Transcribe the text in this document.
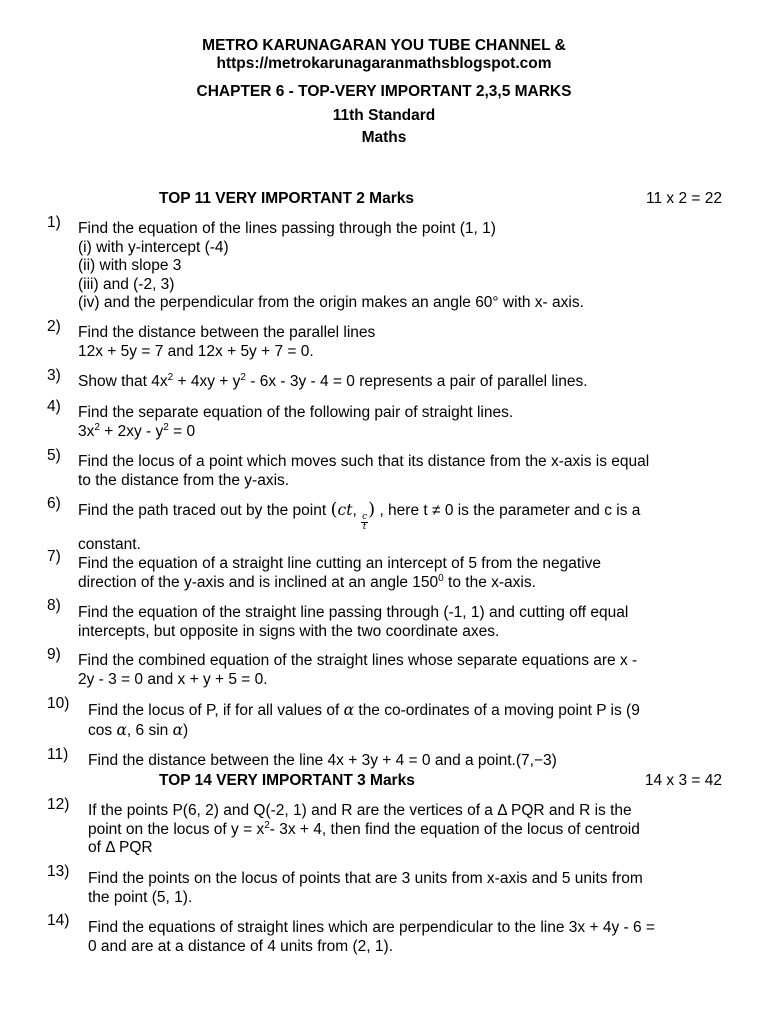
METRO KARUNAGARAN YOU TUBE CHANNEL &
https://metrokarunagaranmathsblogspot.com
CHAPTER 6 - TOP-VERY IMPORTANT 2,3,5 MARKS
11th Standard
Maths
TOP 11 VERY IMPORTANT 2 Marks	11 x 2 = 22
1) Find the equation of the lines passing through the point (1, 1)
(i) with y-intercept (-4)
(ii) with slope 3
(iii) and (-2, 3)
(iv) and the perpendicular from the origin makes an angle 60° with x- axis.
2) Find the distance between the parallel lines
12x + 5y = 7 and 12x + 5y + 7 = 0.
3) Show that $4x^2 + 4xy + y^2 - 6x - 3y - 4 = 0$ represents a pair of parallel lines.
4) Find the separate equation of the following pair of straight lines.
$3x^2 + 2xy - y^2 = 0$
5) Find the locus of a point which moves such that its distance from the x-axis is equal
to the distance from the y-axis.
6) Find the path traced out by the point (ct,
$\frac{c}{t}$
) , here t ≠ 0 is the parameter and c is a
constant.
7) Find the equation of a straight line cutting an intercept of 5 from the negative
direction of the y-axis and is inclined at an angle $150^0$ to the x-axis.
8) Find the equation of the straight line passing through (-1, 1) and cutting off equal
intercepts, but opposite in signs with the two coordinate axes.
9) Find the combined equation of the straight lines whose separate equations are x -
2y - 3 = 0 and x + y + 5 = 0.
10) Find the locus of P, if for all values of α the co-ordinates of a moving point P is (9
cos α, 6 sin α)
11) Find the distance between the line 4x + 3y + 4 = 0 and a point.(7,−3)
TOP 14 VERY IMPORTANT 3 Marks	14 x 3 = 42
12) If the points P(6, 2) and Q(-2, 1) and R are the vertices of a Δ PQR and R is the
point on the locus of $y = x^2-$ 3x + 4, then find the equation of the locus of centroid
of Δ PQR
13) Find the points on the locus of points that are 3 units from x-axis and 5 units from
the point (5, 1).
14) Find the equations of straight lines which are perpendicular to the line 3x + 4y - 6 =
0 and are at a distance of 4 units from (2, 1).
